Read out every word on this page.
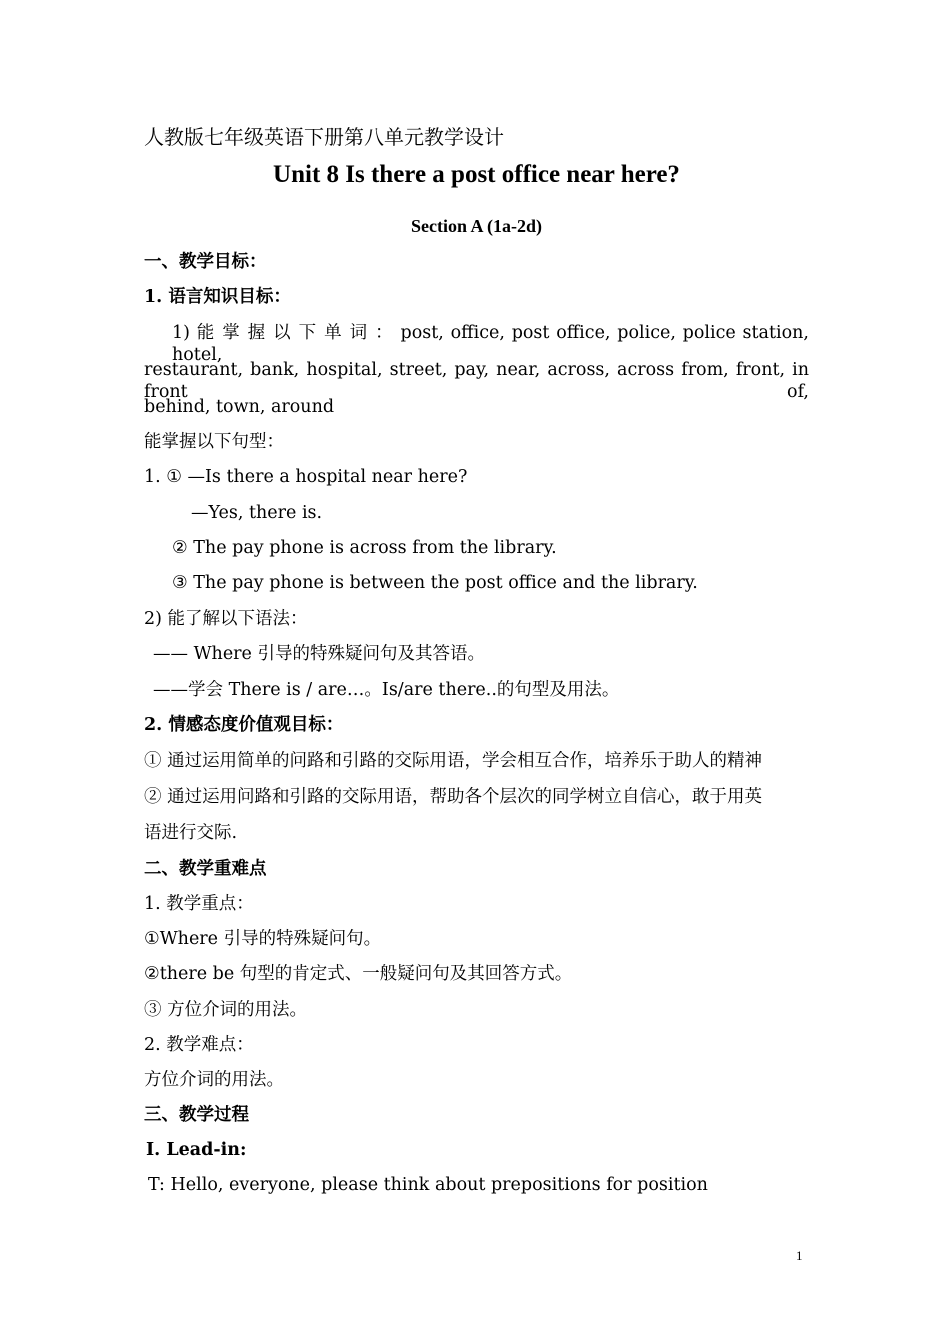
人教版七年级英语下册第八单元教学设计
Unit 8 Is there a post office near here?
Section A (1a-2d)
一、教学目标：
1. 语言知识目标：
1) 能 掌 握 以 下 单 词 ： post, office, post office, police, police station, hotel,
restaurant, bank, hospital, street, pay, near, across, across from, front, in front of,
behind, town, around
能掌握以下句型：
1. ① —Is there a hospital near here?
—Yes, there is.
② The pay phone is across from the library.
③ The pay phone is between the post office and the library.
2) 能了解以下语法：
—— Where 引导的特殊疑问句及其答语。
——学会 There is / are…。Is/are there..的句型及用法。
2. 情感态度价值观目标：
① 通过运用简单的问路和引路的交际用语，学会相互合作，培养乐于助人的精神
② 通过运用问路和引路的交际用语，帮助各个层次的同学树立自信心，敢于用英
语进行交际.
二、教学重难点
1. 教学重点：
①Where 引导的特殊疑问句。
②there be 句型的肯定式、一般疑问句及其回答方式。
③ 方位介词的用法。
2. 教学难点：
方位介词的用法。
三、教学过程
Ⅰ. Lead-in:
T: Hello, everyone, please think about prepositions for position
1
